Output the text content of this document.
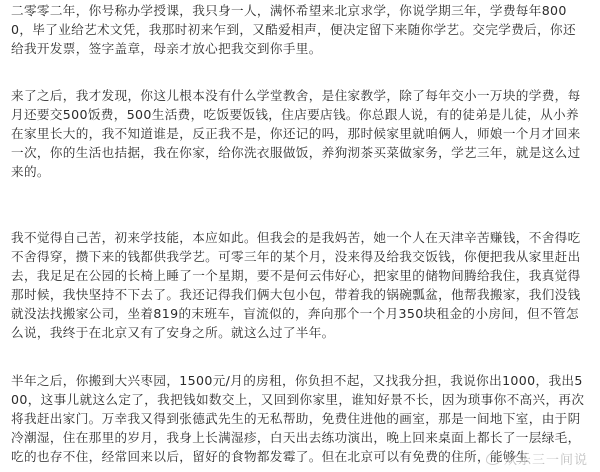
二零零二年，你号称办学授课，我只身一人，满怀希望来北京求学，你说学期三年，学费每年8000，毕了业给艺术文凭，我那时初来乍到，又酷爱相声，便决定留下来随你学艺。交完学费后，你还给我开发票，签字盖章，母亲才放心把我交到你手里。

来了之后，我才发现，你这儿根本没有什么学堂教舍，是住家教学，除了每年交小一万块的学费，每月还要交500饭费，500生活费，吃饭要饭钱，住店要店钱。你总跟人说，有的徒弟是儿徒，从小养在家里长大的，我不知道谁是，反正我不是，你还记的吗，那时候家里就咱俩人，师娘一个月才回来一次，你的生活也拮据，我在你家，给你洗衣服做饭，养狗沏茶买菜做家务，学艺三年，就是这么过来的。

我不觉得自己苦，初来学技能，本应如此。但我会的是我妈苦，她一个人在天津辛苦赚钱，不舍得吃不舍得穿，攒下来的钱都供我学艺。可零三年的某个月，没来得及给我交饭钱，你便把我从家里赶出去，我足足在公园的长椅上睡了一个星期，要不是何云伟好心，把家里的储物间腾给我住，我真觉得那时候，我快坚持不下去了。我还记得我们俩大包小包，带着我的锅碗瓢盆，他帮我搬家，我们没钱就没法找搬家公司，坐着819的末班车，盲流似的，奔向那个一个月350块租金的小房间，但不管怎么说，我终于在北京又有了安身之所。就这么过了半年。

半年之后，你搬到大兴枣园，1500元/月的房租，你负担不起，又找我分担，我说你出1000，我出500，这事儿就这么定了，我把钱如数交上，又回到你家里，谁知好景不长，因为琐事你不高兴，再次将我赶出家门。万幸我又得到张德武先生的无私帮助，免费住进他的画室，那是一间地下室，由于阴冷潮湿，住在那里的岁月，我身上长满湿疹，白天出去练功演出，晚上回来桌面上都长了一层绿毛，吃的也存不住，经常回来以后，留好的食物都发霉了。但在北京可以有免费的住所，能够生

欢乐三一间说
